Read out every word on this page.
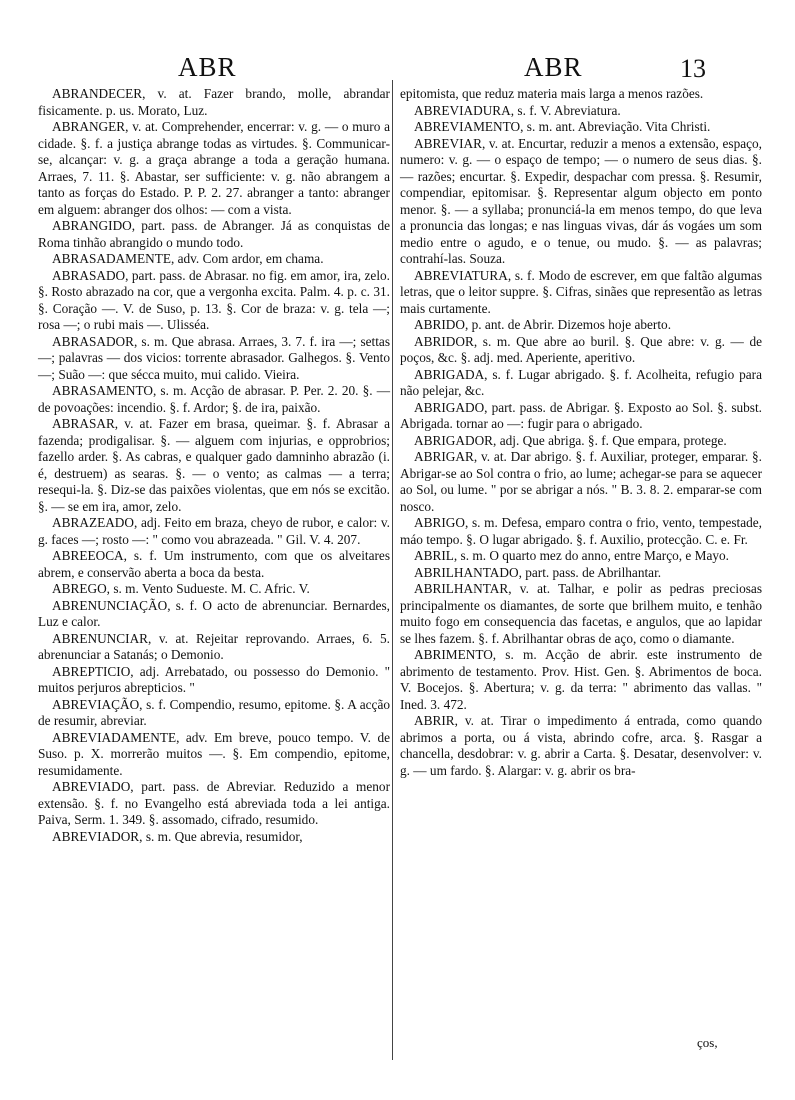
ABR	ABR	13

ABRANDECER, v. at. Fazer brando, molle, abrandar fisicamente. p. us. Morato, Luz.

ABRANGER, v. at. Comprehender, encerrar: v. g. — o muro a cidade. §. f. a justiça abrange todas as virtudes. §. Communicar-se, alcançar: v. g. a graça abrange a toda a geração humana. Arraes, 7. 11. §. Abastar, ser sufficiente: v. g. não abrangem a tanto as forças do Estado. P. P. 2. 27. abranger a tanto: abranger em alguem: abranger dos olhos: — com a vista.

ABRANGIDO, part. pass. de Abranger. Já as conquistas de Roma tinhão abrangido o mundo todo.

ABRASADAMENTE, adv. Com ardor, em chama.

ABRASADO, part. pass. de Abrasar. no fig. em amor, ira, zelo. §. Rosto abrazado na cor, que a vergonha excita. Palm. 4. p. c. 31. §. Coração —. V. de Suso, p. 13. §. Cor de braza: v. g. tela —; rosa —; o rubi mais —. Ulisséa.

ABRASADOR, s. m. Que abrasa. Arraes, 3. 7. f. ira —; settas —; palavras — dos vicios: torrente abrasador. Galhegos. §. Vento —; Suão —: que sécca muito, mui calido. Vieira.

ABRASAMENTO, s. m. Acção de abrasar. P. Per. 2. 20. §. — de povoações: incendio. §. f. Ardor; §. de ira, paixão.

ABRASAR, v. at. Fazer em brasa, queimar. §. f. Abrasar a fazenda; prodigalisar. §. — alguem com injurias, e opprobrios; fazello arder. §. As cabras, e qualquer gado damninho abrazão (i. é, destruem) as searas. §. — o vento; as calmas — a terra; resequi-la. §. Diz-se das paixões violentas, que em nós se excitão. §. — se em ira, amor, zelo.

ABRAZEADO, adj. Feito em braza, cheyo de rubor, e calor: v. g. faces —; rosto —: " como vou abrazeada. " Gil. V. 4. 207.

ABREEOCA, s. f. Um instrumento, com que os alveitares abrem, e conservão aberta a boca da besta.

ABREGO, s. m. Vento Sudueste. M. C. Afric. V.

ABRENUNCIAÇÃO, s. f. O acto de abrenunciar. Bernardes, Luz e calor.

ABRENUNCIAR, v. at. Rejeitar reprovando. Arraes, 6. 5. abrenunciar a Satanás; o Demonio.

ABREPTICIO, adj. Arrebatado, ou possesso do Demonio. " muitos perjuros abrepticios. "

ABREVIAÇÃO, s. f. Compendio, resumo, epitome. §. A acção de resumir, abreviar.

ABREVIADAMENTE, adv. Em breve, pouco tempo. V. de Suso. p. X. morrerão muitos —. §. Em compendio, epitome, resumidamente.

ABREVIADO, part. pass. de Abreviar. Reduzido a menor extensão. §. f. no Evangelho está abreviada toda a lei antiga. Paiva, Serm. 1. 349. §. assomado, cifrado, resumido.

ABREVIADOR, s. m. Que abrevia, resumidor,

epitomista, que reduz materia mais larga a menos razões.

ABREVIADURA, s. f. V. Abreviatura.

ABREVIAMENTO, s. m. ant. Abreviação. Vita Christi.

ABREVIAR, v. at. Encurtar, reduzir a menos a extensão, espaço, numero: v. g. — o espaço de tempo; — o numero de seus dias. §. — razões; encurtar. §. Expedir, despachar com pressa. §. Resumir, compendiar, epitomisar. §. Representar algum objecto em ponto menor. §. — a syllaba; pronunciá-la em menos tempo, do que leva a pronuncia das longas; e nas linguas vivas, dár ás vogáes um som medio entre o agudo, e o tenue, ou mudo. §. — as palavras; contrahí-las. Souza.

ABREVIATURA, s. f. Modo de escrever, em que faltão algumas letras, que o leitor suppre. §. Cifras, sinães que representão as letras mais curtamente.

ABRIDO, p. ant. de Abrir. Dizemos hoje aberto.

ABRIDOR, s. m. Que abre ao buril. §. Que abre: v. g. — de poços, &c. §. adj. med. Aperiente, aperitivo.

ABRIGADA, s. f. Lugar abrigado. §. f. Acolheita, refugio para não pelejar, &c.

ABRIGADO, part. pass. de Abrigar. §. Exposto ao Sol. §. subst. Abrigada. tornar ao —: fugir para o abrigado.

ABRIGADOR, adj. Que abriga. §. f. Que empara, protege.

ABRIGAR, v. at. Dar abrigo. §. f. Auxiliar, proteger, emparar. §. Abrigar-se ao Sol contra o frio, ao lume; achegar-se para se aquecer ao Sol, ou lume. " por se abrigar a nós. " B. 3. 8. 2. emparar-se com nosco.

ABRIGO, s. m. Defesa, emparo contra o frio, vento, tempestade, máo tempo. §. O lugar abrigado. §. f. Auxilio, protecção. C. e. Fr.

ABRIL, s. m. O quarto mez do anno, entre Março, e Mayo.

ABRILHANTADO, part. pass. de Abrilhantar.

ABRILHANTAR, v. at. Talhar, e polir as pedras preciosas principalmente os diamantes, de sorte que brilhem muito, e tenhão muito fogo em consequencia das facetas, e angulos, que ao lapidar se lhes fazem. §. f. Abrilhantar obras de aço, como o diamante.

ABRIMENTO, s. m. Acção de abrir. este instrumento de abrimento de testamento. Prov. Hist. Gen. §. Abrimentos de boca. V. Bocejos. §. Abertura; v. g. da terra: " abrimento das vallas. " Ined. 3. 472.

ABRIR, v. at. Tirar o impedimento á entrada, como quando abrimos a porta, ou á vista, abrindo cofre, arca. §. Rasgar a chancella, desdobrar: v. g. abrir a Carta. §. Desatar, desenvolver: v. g. — um fardo. §. Alargar: v. g. abrir os bra-

ços,
